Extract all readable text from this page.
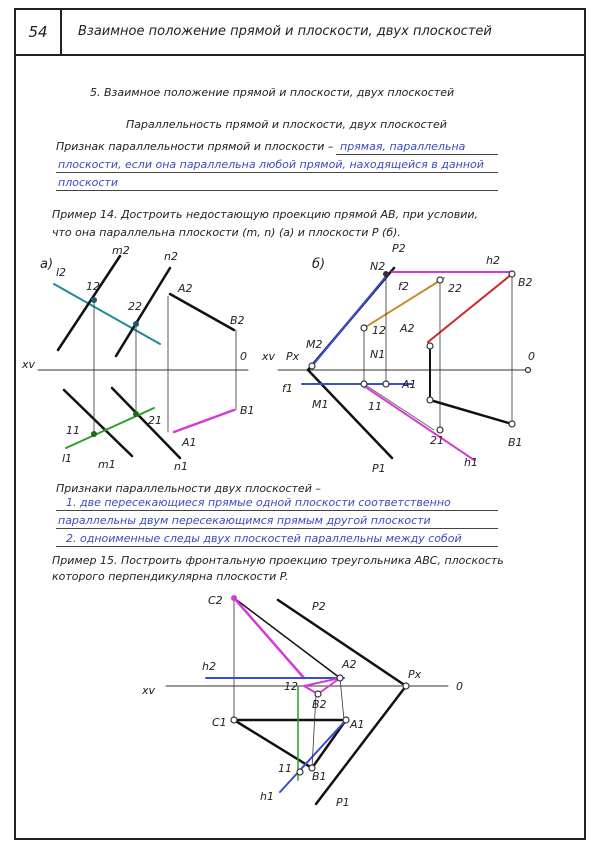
54	Взаимное положение прямой и плоскости, двух плоскостей
5. Взаимное положение прямой и плоскости, двух плоскостей
Параллельность прямой и плоскости, двух плоскостей
Признак параллельности прямой и плоскости – прямая, параллельна
плоскости, если она параллельна любой прямой, находящейся в данной
плоскости
Пример 14. Достроить недостающую проекцию прямой АВ, при условии,
что она параллельна плоскости (m, n) (a) и плоскости P (б).
Признаки параллельности двух плоскостей –
1. две пересекающиеся прямые одной плоскости соответственно
параллельны двум пересекающимся прямым другой плоскости
2. одноименные следы двух плоскостей параллельны между собой
Пример 15. Построить фронтальную проекцию треугольника АВС, плоскость
которого перпендикулярна плоскости P.
a)
l2
m2	n2
12
22
A2
B2
xv
0
B1
21
A1
11
l1 m1	n1
б)
P2
N2	h2
f2	22	B2
12 A2
M2
N1
xv Px	0
f1	A1
M1	11
21	B1
h1
P1
C2	P2
h2	A2
12
B2
xv
Px
0
C1	A1
11
B1
h1	P1
